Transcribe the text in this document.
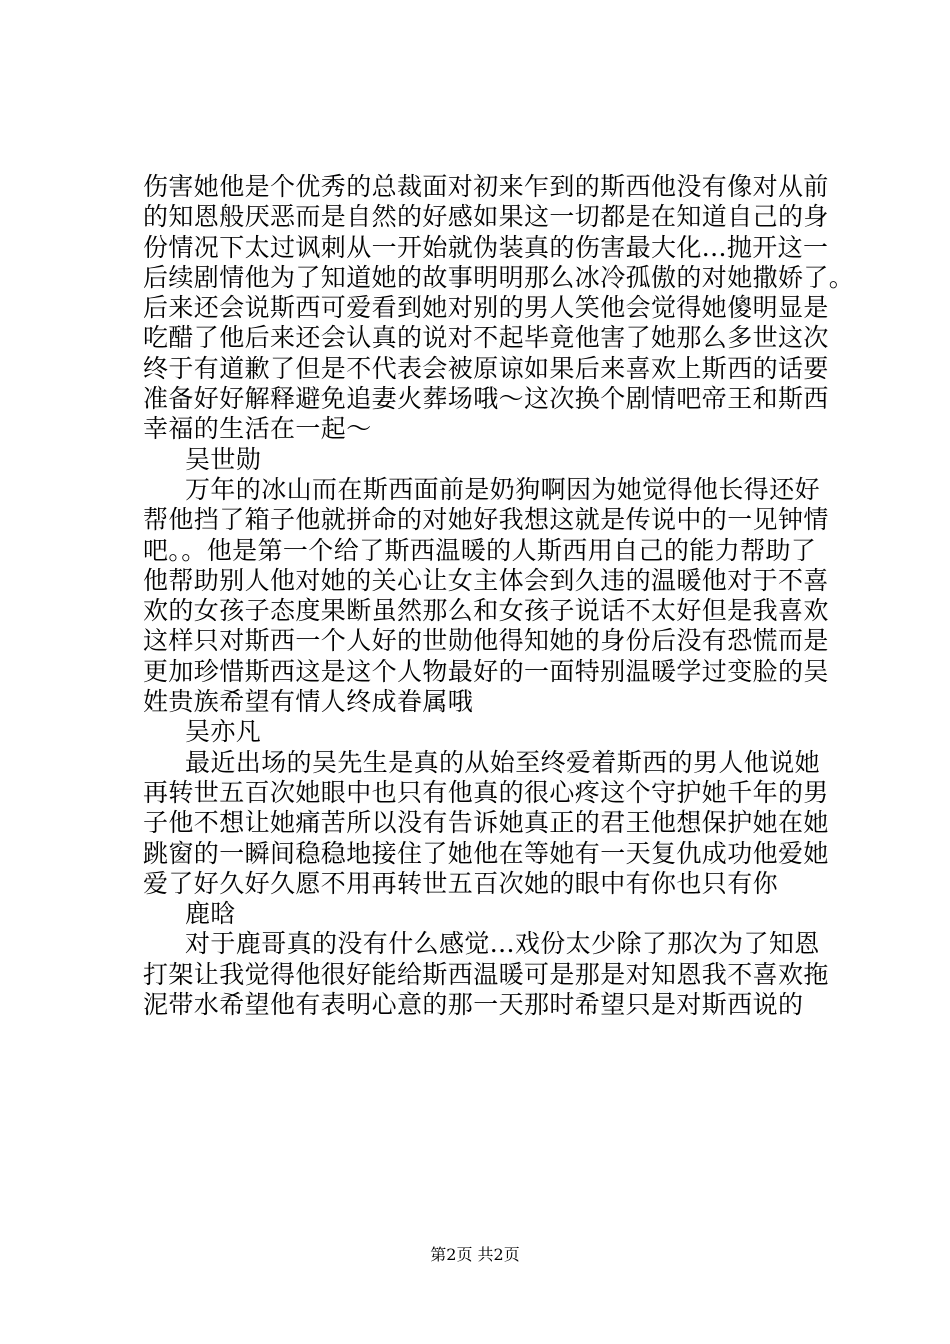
伤害她他是个优秀的总裁面对初来乍到的斯西他没有像对从前
的知恩般厌恶而是自然的好感如果这一切都是在知道自己的身
份情况下太过讽刺从一开始就伪装真的伤害最大化...抛开这一
后续剧情他为了知道她的故事明明那么冰冷孤傲的对她撒娇了。
后来还会说斯西可爱看到她对别的男人笑他会觉得她傻明显是
吃醋了他后来还会认真的说对不起毕竟他害了她那么多世这次
终于有道歉了但是不代表会被原谅如果后来喜欢上斯西的话要
准备好好解释避免追妻火葬场哦～这次换个剧情吧帝王和斯西
幸福的生活在一起～
吴世勋
万年的冰山而在斯西面前是奶狗啊因为她觉得他长得还好
帮他挡了箱子他就拼命的对她好我想这就是传说中的一见钟情
吧。。他是第一个给了斯西温暖的人斯西用自己的能力帮助了
他帮助别人他对她的关心让女主体会到久违的温暖他对于不喜
欢的女孩子态度果断虽然那么和女孩子说话不太好但是我喜欢
这样只对斯西一个人好的世勋他得知她的身份后没有恐慌而是
更加珍惜斯西这是这个人物最好的一面特别温暖学过变脸的吴
姓贵族希望有情人终成眷属哦
吴亦凡
最近出场的吴先生是真的从始至终爱着斯西的男人他说她
再转世五百次她眼中也只有他真的很心疼这个守护她千年的男
子他不想让她痛苦所以没有告诉她真正的君王他想保护她在她
跳窗的一瞬间稳稳地接住了她他在等她有一天复仇成功他爱她
爱了好久好久愿不用再转世五百次她的眼中有你也只有你
鹿晗
对于鹿哥真的没有什么感觉...戏份太少除了那次为了知恩
打架让我觉得他很好能给斯西温暖可是那是对知恩我不喜欢拖
泥带水希望他有表明心意的那一天那时希望只是对斯西说的
第2页 共2页
